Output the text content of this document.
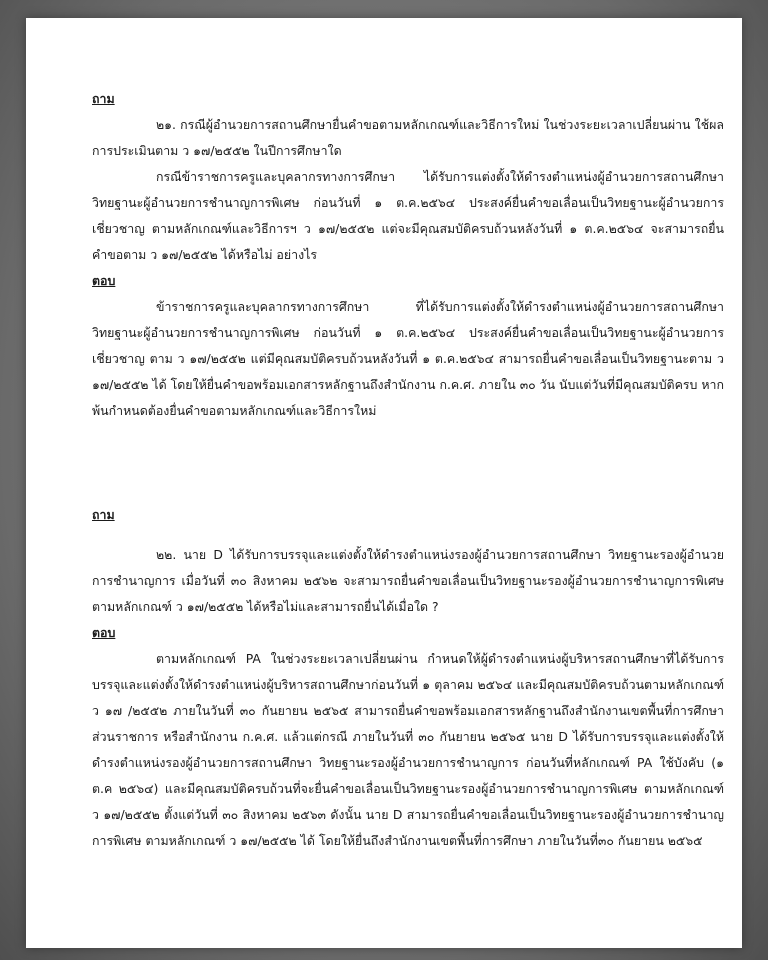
ถาม

๒๑. กรณีผู้อำนวยการสถานศึกษายื่นคำขอตามหลักเกณฑ์และวิธีการใหม่ ในช่วงระยะเวลาเปลี่ยนผ่าน ใช้ผลการประเมินตาม ว ๑๗/๒๕๕๒ ในปีการศึกษาใด

กรณีข้าราชการครูและบุคลากรทางการศึกษา ได้รับการแต่งตั้งให้ดำรงตำแหน่งผู้อำนวยการสถานศึกษา วิทยฐานะผู้อำนวยการชำนาญการพิเศษ ก่อนวันที่ ๑ ต.ค.๒๕๖๔ ประสงค์ยื่นคำขอเลื่อนเป็นวิทยฐานะผู้อำนวยการเชี่ยวชาญ ตามหลักเกณฑ์และวิธีการฯ ว ๑๗/๒๕๕๒ แต่จะมีคุณสมบัติครบถ้วนหลังวันที่ ๑ ต.ค.๒๕๖๔ จะสามารถยื่นคำขอตาม ว ๑๗/๒๕๕๒ ได้หรือไม่ อย่างไร

ตอบ

ข้าราชการครูและบุคลากรทางการศึกษา ที่ได้รับการแต่งตั้งให้ดำรงตำแหน่งผู้อำนวยการสถานศึกษา วิทยฐานะผู้อำนวยการชำนาญการพิเศษ ก่อนวันที่ ๑ ต.ค.๒๕๖๔ ประสงค์ยื่นคำขอเลื่อนเป็นวิทยฐานะผู้อำนวยการเชี่ยวชาญ ตาม ว ๑๗/๒๕๕๒ แต่มีคุณสมบัติครบถ้วนหลังวันที่ ๑ ต.ค.๒๕๖๔ สามารถยื่นคำขอเลื่อนเป็นวิทยฐานะตาม ว ๑๗/๒๕๕๒ ได้ โดยให้ยื่นคำขอพร้อมเอกสารหลักฐานถึงสำนักงาน ก.ค.ศ. ภายใน ๓๐ วัน นับแต่วันที่มีคุณสมบัติครบ หากพ้นกำหนดต้องยื่นคำขอตามหลักเกณฑ์และวิธีการใหม่

ถาม

๒๒. นาย D ได้รับการบรรจุและแต่งตั้งให้ดำรงตำแหน่งรองผู้อำนวยการสถานศึกษา วิทยฐานะรองผู้อำนวยการชำนาญการ เมื่อวันที่ ๓๐ สิงหาคม ๒๕๖๒ จะสามารถยื่นคำขอเลื่อนเป็นวิทยฐานะรองผู้อำนวยการชำนาญการพิเศษ ตามหลักเกณฑ์ ว ๑๗/๒๕๕๒ ได้หรือไม่และสามารถยื่นได้เมื่อใด ?

ตอบ

ตามหลักเกณฑ์ PA ในช่วงระยะเวลาเปลี่ยนผ่าน กำหนดให้ผู้ดำรงตำแหน่งผู้บริหารสถานศึกษาที่ได้รับการบรรจุและแต่งตั้งให้ดำรงตำแหน่งผู้บริหารสถานศึกษาก่อนวันที่ ๑ ตุลาคม ๒๕๖๔ และมีคุณสมบัติครบถ้วนตามหลักเกณฑ์ ว ๑๗ /๒๕๕๒ ภายในวันที่ ๓๐ กันยายน ๒๕๖๕ สามารถยื่นคำขอพร้อมเอกสารหลักฐานถึงสำนักงานเขตพื้นที่การศึกษา ส่วนราชการ หรือสำนักงาน ก.ค.ศ. แล้วแต่กรณี ภายในวันที่ ๓๐ กันยายน ๒๕๖๕ นาย D ได้รับการบรรจุและแต่งตั้งให้ดำรงตำแหน่งรองผู้อำนวยการสถานศึกษา วิทยฐานะรองผู้อำนวยการชำนาญการ ก่อนวันที่หลักเกณฑ์ PA ใช้บังคับ (๑ ต.ค ๒๕๖๔) และมีคุณสมบัติครบถ้วนที่จะยื่นคำขอเลื่อนเป็นวิทยฐานะรองผู้อำนวยการชำนาญการพิเศษ ตามหลักเกณฑ์ ว ๑๗/๒๕๕๒ ตั้งแต่วันที่ ๓๐ สิงหาคม ๒๕๖๓ ดังนั้น นาย D สามารถยื่นคำขอเลื่อนเป็นวิทยฐานะรองผู้อำนวยการชำนาญการพิเศษ ตามหลักเกณฑ์ ว ๑๗/๒๕๕๒ ได้ โดยให้ยื่นถึงสำนักงานเขตพื้นที่การศึกษา ภายในวันที่๓๐ กันยายน ๒๕๖๕
